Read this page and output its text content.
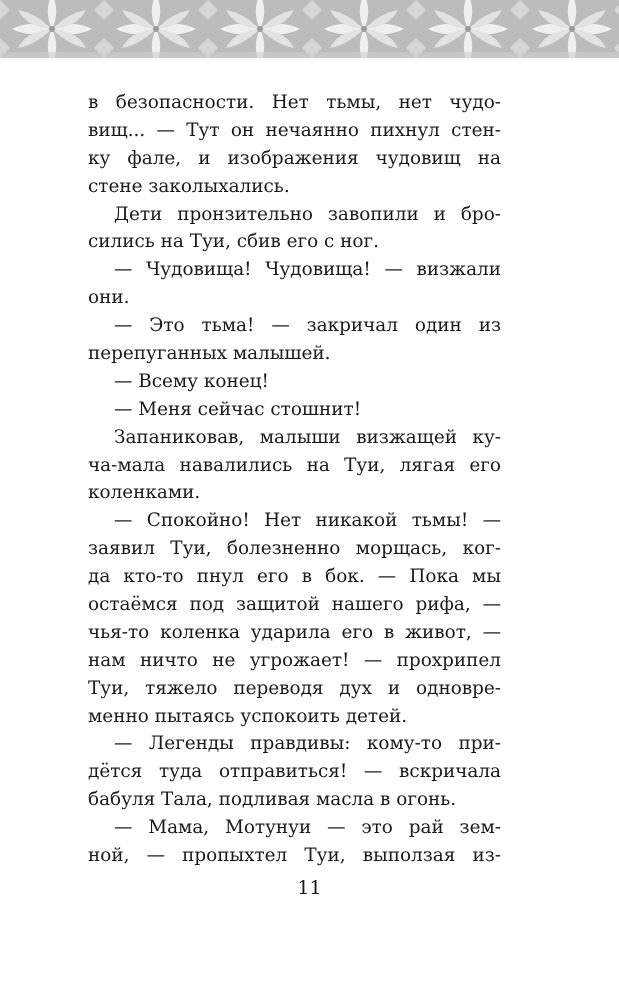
в безопасности. Нет тьмы, нет чудо-
вищ... — Тут он нечаянно пихнул стен-
ку фале, и изображения чудовищ на
стене заколыхались.
Дети пронзительно завопили и бро-
сились на Туи, сбив его с ног.
— Чудовища! Чудовища! — визжали
они.
— Это тьма! — закричал один из
перепуганных малышей.
— Всему конец!
— Меня сейчас стошнит!
Запаниковав, малыши визжащей ку-
ча-мала навалились на Туи, лягая его
коленками.
— Спокойно! Нет никакой тьмы! —
заявил Туи, болезненно морщась, ког-
да кто-то пнул его в бок. — Пока мы
остаёмся под защитой нашего рифа, —
чья-то коленка ударила его в живот, —
нам ничто не угрожает! — прохрипел
Туи, тяжело переводя дух и одновре-
менно пытаясь успокоить детей.
— Легенды правдивы: кому-то при-
дётся туда отправиться! — вскричала
бабуля Тала, подливая масла в огонь.
— Мама, Мотунуи — это рай зем-
ной, — пропыхтел Туи, выползая из-
11
